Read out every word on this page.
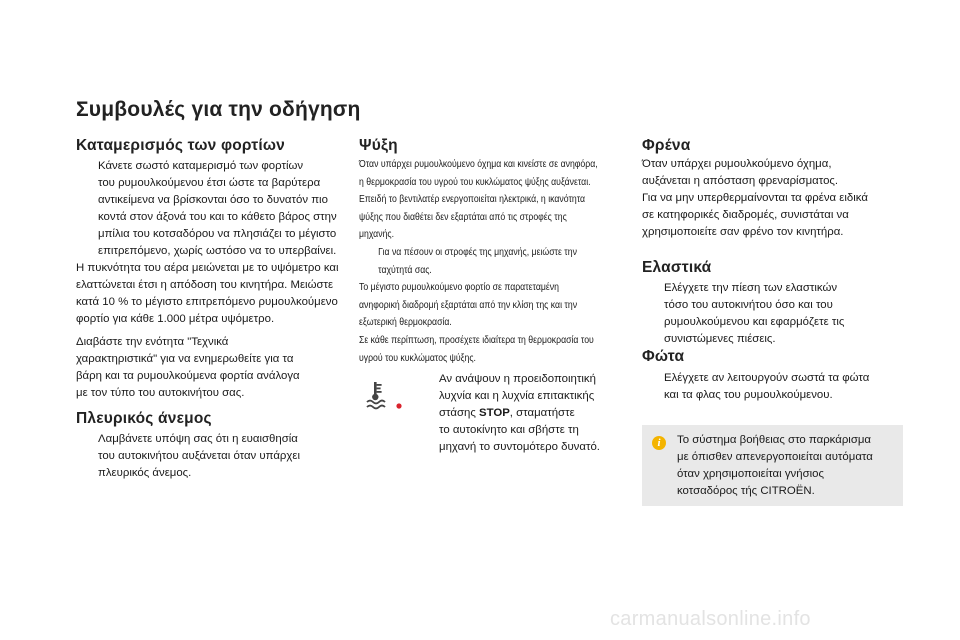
Συμβουλές για την οδήγηση
Καταμερισμός των φορτίων
Κάνετε σωστό καταμερισμό των φορτίων
του ρυμουλκούμενου έτσι ώστε τα βαρύτερα
αντικείμενα να βρίσκονται όσο το δυνατόν πιο
κοντά στον άξονά του και το κάθετο βάρος στην
μπίλια του κοτσαδόρου να πλησιάζει το μέγιστο
επιτρεπόμενο, χωρίς ωστόσο να το υπερβαίνει.
Η πυκνότητα του αέρα μειώνεται με το υψόμετρο και
ελαττώνεται έτσι η απόδοση του κινητήρα. Μειώστε
κατά 10 % το μέγιστο επιτρεπόμενο ρυμουλκούμενο
φορτίο για κάθε 1.000 μέτρα υψόμετρο.
Διαβάστε την ενότητα "Τεχνικά
χαρακτηριστικά" για να ενημερωθείτε για τα
βάρη και τα ρυμουλκούμενα φορτία ανάλογα
με τον τύπο του αυτοκινήτου σας.
Πλευρικός άνεμος
Λαμβάνετε υπόψη σας ότι η ευαισθησία
του αυτοκινήτου αυξάνεται όταν υπάρχει
πλευρικός άνεμος.
Ψύξη
Όταν υπάρχει ρυμουλκούμενο όχημα και κινείστε σε ανηφόρα,
η θερμοκρασία του υγρού του κυκλώματος ψύξης αυξάνεται.
Επειδή το βεντιλατέρ ενεργοποιείται ηλεκτρικά, η ικανότητα
ψύξης που διαθέτει δεν εξαρτάται από τις στροφές της
μηχανής.
Για να πέσουν οι στροφές της μηχανής, μειώστε την
ταχύτητά σας.
Το μέγιστο ρυμουλκούμενο φορτίο σε παρατεταμένη
ανηφορική διαδρομή εξαρτάται από την κλίση της και την
εξωτερική θερμοκρασία.
Σε κάθε περίπτωση, προσέχετε ιδιαίτερα τη θερμοκρασία του
υγρού του κυκλώματος ψύξης.
Αν ανάψουν η προειδοποιητική
λυχνία και η λυχνία επιτακτικής
στάσης STOP, σταματήστε
το αυτοκίνητο και σβήστε τη
μηχανή το συντομότερο δυνατό.
Φρένα
Όταν υπάρχει ρυμουλκούμενο όχημα,
αυξάνεται η απόσταση φρεναρίσματος.
Για να μην υπερθερμαίνονται τα φρένα ειδικά
σε κατηφορικές διαδρομές, συνιστάται να
χρησιμοποιείτε σαν φρένο τον κινητήρα.
Ελαστικά
Ελέγχετε την πίεση των ελαστικών
τόσο του αυτοκινήτου όσο και του
ρυμουλκούμενου και εφαρμόζετε τις
συνιστώμενες πιέσεις.
Φώτα
Ελέγχετε αν λειτουργούν σωστά τα φώτα
και τα φλας του ρυμουλκούμενου.
i	Το σύστημα βοήθειας στο παρκάρισμα
με όπισθεν απενεργοποιείται αυτόματα
όταν χρησιμοποιείται γνήσιος
κοτσαδόρος τής CITROËN.
carmanualsonline.info
